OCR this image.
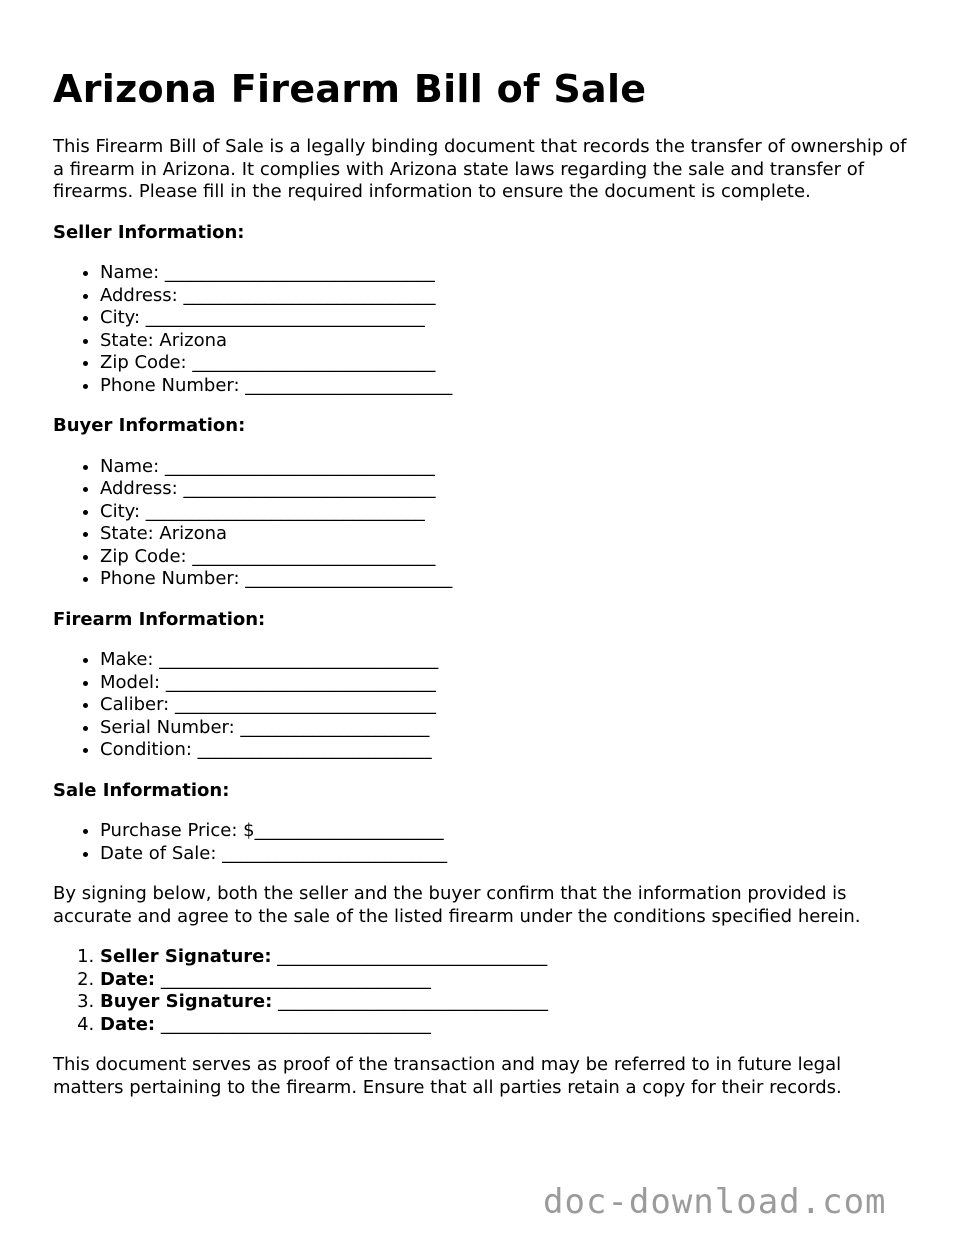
Arizona Firearm Bill of Sale

This Firearm Bill of Sale is a legally binding document that records the transfer of ownership of a firearm in Arizona. It complies with Arizona state laws regarding the sale and transfer of firearms. Please fill in the required information to ensure the document is complete.

Seller Information:
• Name: ______________________________
• Address: ____________________________
• City: _______________________________
• State: Arizona
• Zip Code: ___________________________
• Phone Number: _______________________
Buyer Information:
• Name: ______________________________
• Address: ____________________________
• City: _______________________________
• State: Arizona
• Zip Code: ___________________________
• Phone Number: _______________________
Firearm Information:
• Make: _______________________________
• Model: ______________________________
• Caliber: _____________________________
• Serial Number: _____________________
• Condition: __________________________
Sale Information:
• Purchase Price: $_____________________
• Date of Sale: _________________________

By signing below, both the seller and the buyer confirm that the information provided is accurate and agree to the sale of the listed firearm under the conditions specified herein.

1. Seller Signature: ______________________________
2. Date: ______________________________
3. Buyer Signature: ______________________________
4. Date: ______________________________

This document serves as proof of the transaction and may be referred to in future legal matters pertaining to the firearm. Ensure that all parties retain a copy for their records.

doc-download.com
